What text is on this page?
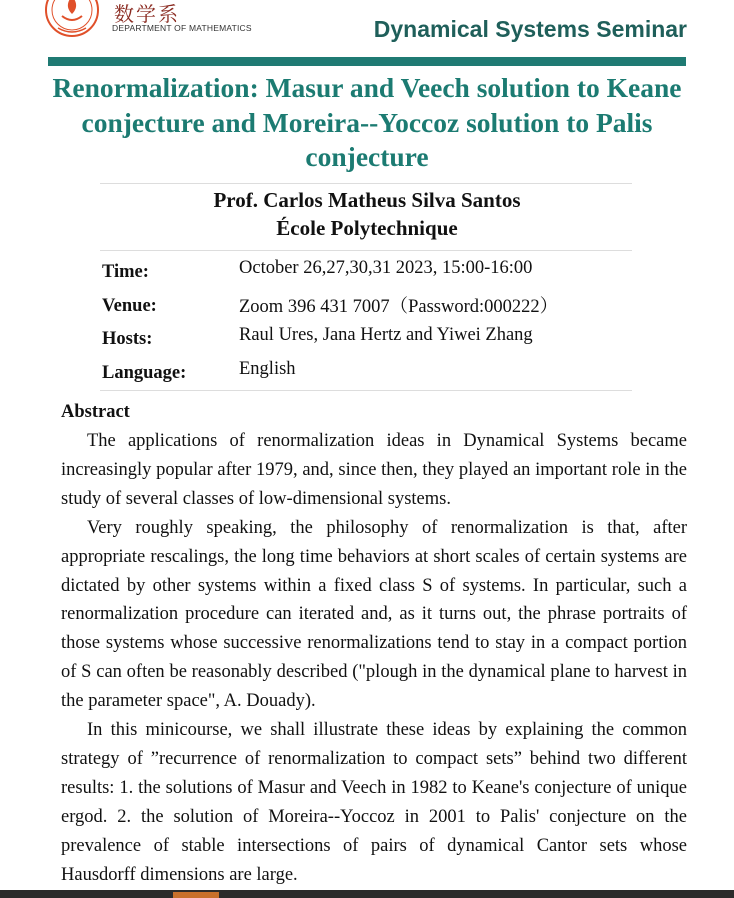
数学系
DEPARTMENT OF MATHEMATICS	Dynamical Systems Seminar
Renormalization: Masur and Veech solution to Keane conjecture and Moreira--Yoccoz solution to Palis conjecture
Prof. Carlos Matheus Silva Santos
École Polytechnique
Time:	October 26,27,30,31 2023, 15:00-16:00
Venue:	Zoom 396 431 7007（Password:000222）
Hosts:	Raul Ures, Jana Hertz and Yiwei Zhang
Language:	English
Abstract

The applications of renormalization ideas in Dynamical Systems became increasingly popular after 1979, and, since then, they played an important role in the study of several classes of low-dimensional systems.

Very roughly speaking, the philosophy of renormalization is that, after appropriate rescalings, the long time behaviors at short scales of certain systems are dictated by other systems within a fixed class S of systems. In particular, such a renormalization procedure can iterated and, as it turns out, the phrase portraits of those systems whose successive renormalizations tend to stay in a compact portion of S can often be reasonably described ("plough in the dynamical plane to harvest in the parameter space", A. Douady).

In this minicourse, we shall illustrate these ideas by explaining the common strategy of ”recurrence of renormalization to compact sets” behind two different results: 1. the solutions of Masur and Veech in 1982 to Keane's conjecture of unique ergod. 2. the solution of Moreira--Yoccoz in 2001 to Palis' conjecture on the prevalence of stable intersections of pairs of dynamical Cantor sets whose Hausdorff dimensions are large.
